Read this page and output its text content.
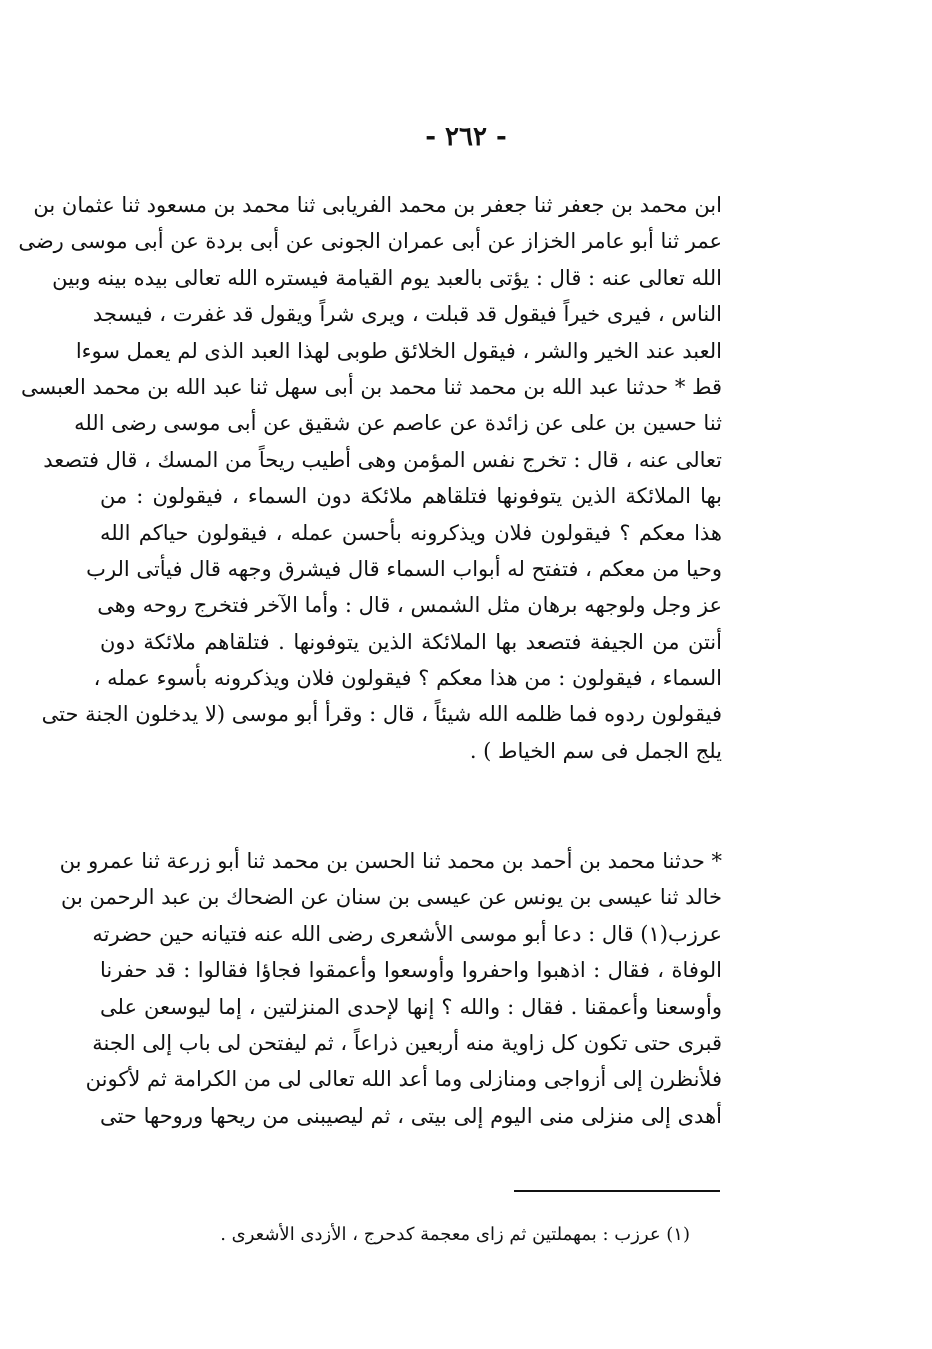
- ٢٦٢ -
ابن محمد بن جعفر ثنا جعفر بن محمد الفريابى ثنا محمد بن مسعود ثنا عثمان بن
عمر ثنا أبو عامر الخزاز عن أبى عمران الجونى عن أبى بردة عن أبى موسى رضى
الله تعالى عنه : قال : يؤتى بالعبد يوم القيامة فيستره الله تعالى بيده بينه وبين
الناس ، فيرى خيراً فيقول قد قبلت ، ويرى شراً ويقول قد غفرت ، فيسجد
العبد عند الخير والشر ، فيقول الخلائق طوبى لهذا العبد الذى لم يعمل سوءا
قط * حدثنا عبد الله بن محمد ثنا محمد بن أبى سهل ثنا عبد الله بن محمد العبسى
ثنا حسين بن على عن زائدة عن عاصم عن شقيق عن أبى موسى رضى الله
تعالى عنه ، قال : تخرج نفس المؤمن وهى أطيب ريحاً من المسك ، قال فتصعد
بها الملائكة الذين يتوفونها فتلقاهم ملائكة دون السماء ، فيقولون : من
هذا معكم ؟ فيقولون فلان ويذكرونه بأحسن عمله ، فيقولون حياكم الله
وحيا من معكم ، فتفتح له أبواب السماء قال فيشرق وجهه قال فيأتى الرب
عز وجل ولوجهه برهان مثل الشمس ، قال : وأما الآخر فتخرج روحه وهى
أنتن من الجيفة فتصعد بها الملائكة الذين يتوفونها . فتلقاهم ملائكة دون
السماء ، فيقولون : من هذا معكم ؟ فيقولون فلان ويذكرونه بأسوء عمله ،
فيقولون ردوه فما ظلمه الله شيئاً ، قال : وقرأ أبو موسى (لا يدخلون الجنة حتى
يلج الجمل فى سم الخياط ) .
* حدثنا محمد بن أحمد بن محمد ثنا الحسن بن محمد ثنا أبو زرعة ثنا عمرو بن
خالد ثنا عيسى بن يونس عن عيسى بن سنان عن الضحاك بن عبد الرحمن بن
عرزب(١) قال : دعا أبو موسى الأشعرى رضى الله عنه فتيانه حين حضرته
الوفاة ، فقال : اذهبوا واحفروا وأوسعوا وأعمقوا فجاؤا فقالوا : قد حفرنا
وأوسعنا وأعمقنا . فقال : والله ؟ إنها لإحدى المنزلتين ، إما ليوسعن على
قبرى حتى تكون كل زاوية منه أربعين ذراعاً ، ثم ليفتحن لى باب إلى الجنة
فلأنظرن إلى أزواجى ومنازلى وما أعد الله تعالى لى من الكرامة ثم لأكونن
أهدى إلى منزلى منى اليوم إلى بيتى ، ثم ليصيبنى من ريحها وروحها حتى
(١) عرزب : بمهملتين ثم زاى معجمة كدحرج ، الأزدى الأشعرى .
